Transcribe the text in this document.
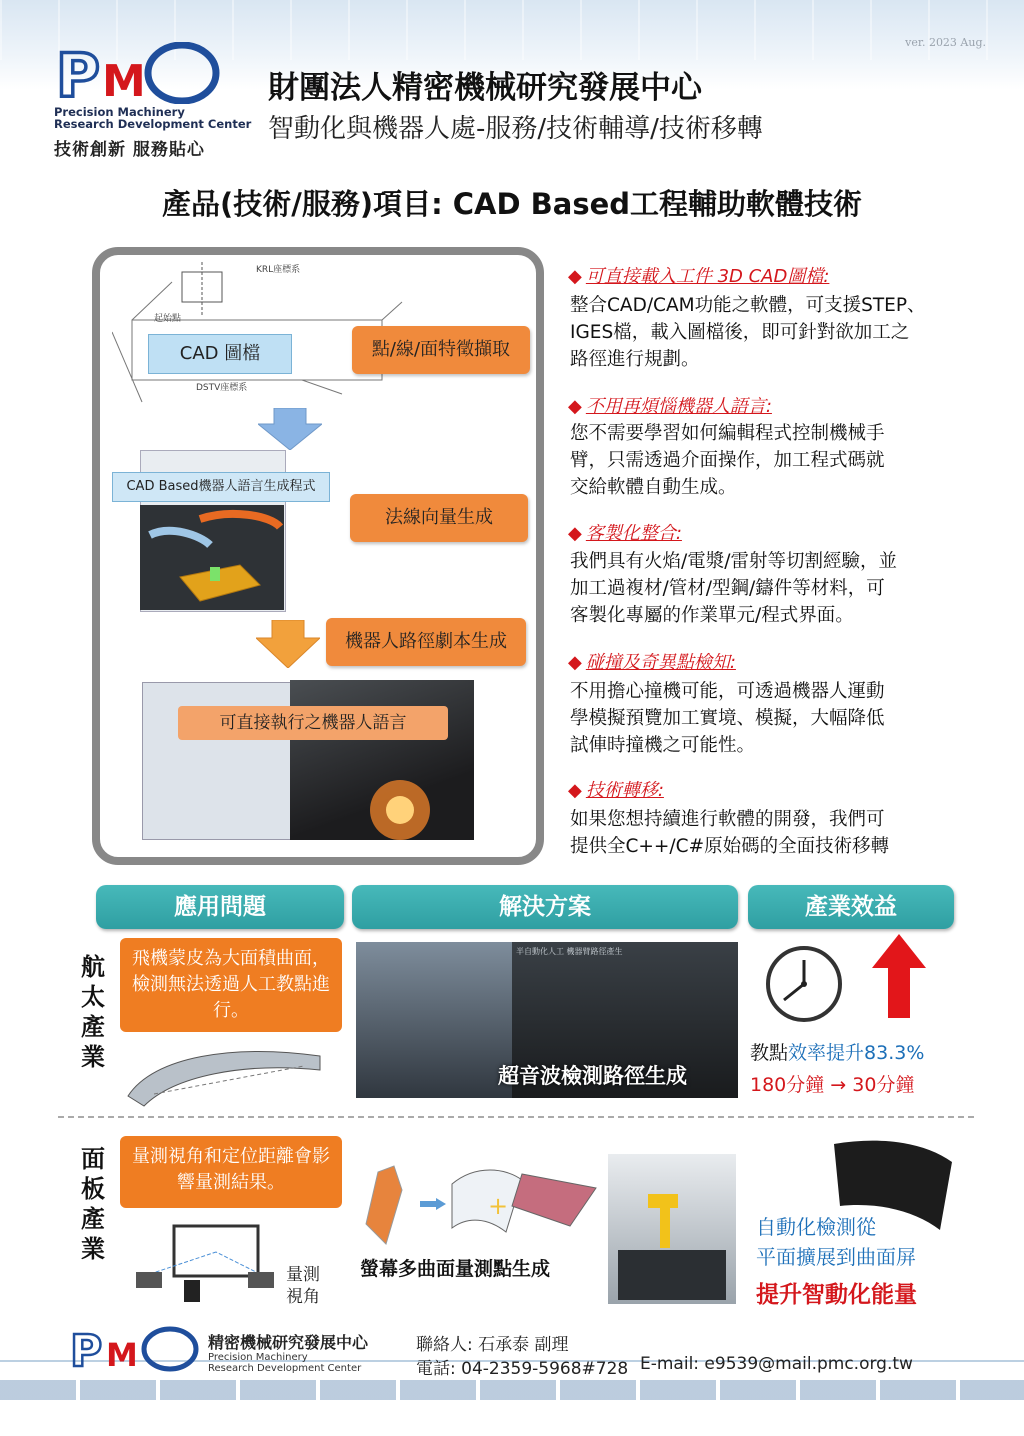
ver. 2023 Aug.
P M
Precision Machinery
Research Development Center
技術創新 服務貼心
財團法人精密機械研究發展中心
智動化與機器人處-服務/技術輔導/技術移轉
產品(技術/服務)項目: CAD Based工程輔助軟體技術
KRL座標系
起始點
DSTV座標系
CAD 圖檔	點/線/面特徵擷取
CAD Based機器人語言生成程式
法線向量生成
機器人路徑劇本生成
可直接執行之機器人語言
◆ 可直接載入工件 3D CAD圖檔:
整合CAD/CAM功能之軟體，可支援STEP、
IGES檔，載入圖檔後，即可針對欲加工之
路徑進行規劃。
◆ 不用再煩惱機器人語言:
您不需要學習如何編輯程式控制機械手
臂，只需透過介面操作，加工程式碼就
交給軟體自動生成。
◆ 客製化整合:
我們具有火焰/電漿/雷射等切割經驗，並
加工過複材/管材/型鋼/鑄件等材料，可
客製化專屬的作業單元/程式界面。
◆ 碰撞及奇異點檢知:
不用擔心撞機可能，可透過機器人運動
學模擬預覽加工實境、模擬，大幅降低
試俥時撞機之可能性。
◆ 技術轉移:
如果您想持續進行軟體的開發，我們可
提供全C++/C#原始碼的全面技術移轉
應用問題	解決方案	產業效益
航
太
產
業
飛機蒙皮為大面積曲面，檢測無法透過人工教點進行。
半自動化人工 機器臂路徑產生
超音波檢測路徑生成
教點效率提升83.3%
180分鐘 → 30分鐘
面
板
產
業
量測視角和定位距離會影響量測結果。
量測
視角
+
螢幕多曲面量測點生成
自動化檢測從
平面擴展到曲面屏
提升智動化能量
P M	精密機械研究發展中心
Precision Machinery
Research Development Center
聯絡人: 石承泰 副理
電話: 04-2359-5968#728 E-mail: e9539@mail.pmc.org.tw
